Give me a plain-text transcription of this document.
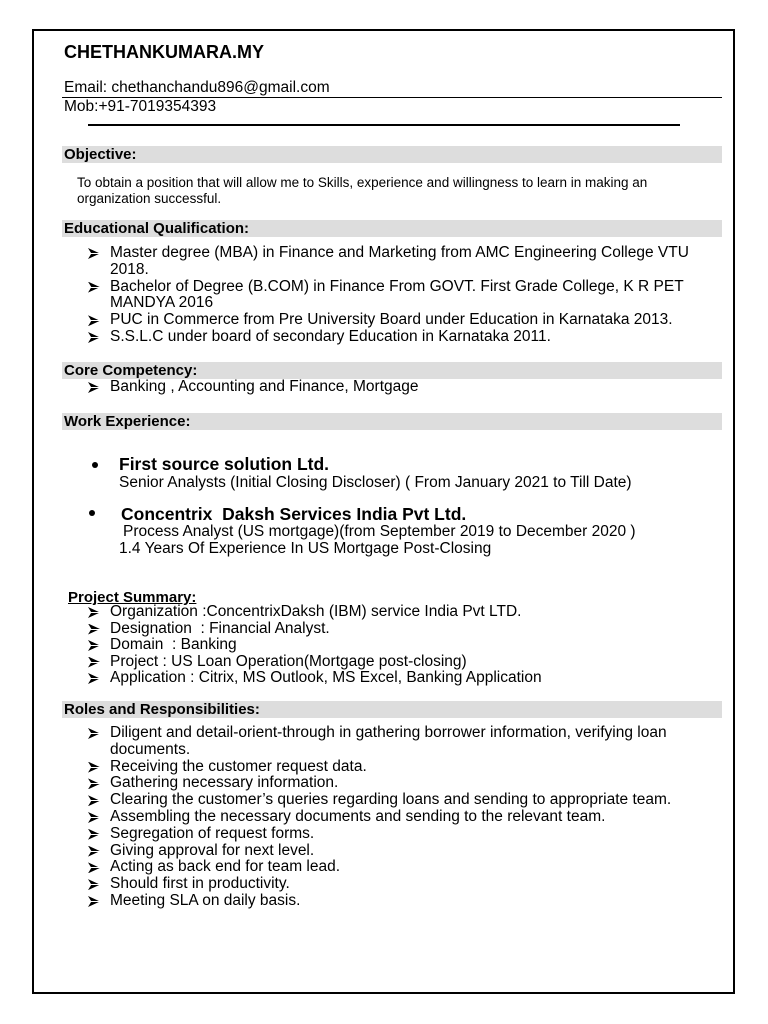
CHETHANKUMARA.MY
Email: chethanchandu896@gmail.com
Mob:+91-7019354393
Objective:

To obtain a position that will allow me to Skills, experience and willingness to learn in making an organization successful.

Educational Qualification:
Master degree (MBA) in Finance and Marketing from AMC Engineering College VTU 2018.
Bachelor of Degree (B.COM) in Finance From GOVT. First Grade College, K R PET MANDYA 2016
PUC in Commerce from Pre University Board under Education in Karnataka 2013.
S.S.L.C under board of secondary Education in Karnataka 2011.
Core Competency:
Banking , Accounting and Finance, Mortgage
Work Experience:
First source solution Ltd.
Senior Analysts (Initial Closing Discloser) ( From January 2021 to Till Date)
Concentrix  Daksh Services India Pvt Ltd.
Process Analyst (US mortgage)(from September 2019 to December 2020 )
1.4 Years Of Experience In US Mortgage Post-Closing
Project Summary:
Organization :ConcentrixDaksh (IBM) service India Pvt LTD.
Designation  : Financial Analyst.
Domain  : Banking
Project : US Loan Operation(Mortgage post-closing)
Application : Citrix, MS Outlook, MS Excel, Banking Application
Roles and Responsibilities:
Diligent and detail-orient-through in gathering borrower information, verifying loan documents.
Receiving the customer request data.
Gathering necessary information.
Clearing the customer’s queries regarding loans and sending to appropriate team.
Assembling the necessary documents and sending to the relevant team.
Segregation of request forms.
Giving approval for next level.
Acting as back end for team lead.
Should first in productivity.
Meeting SLA on daily basis.
